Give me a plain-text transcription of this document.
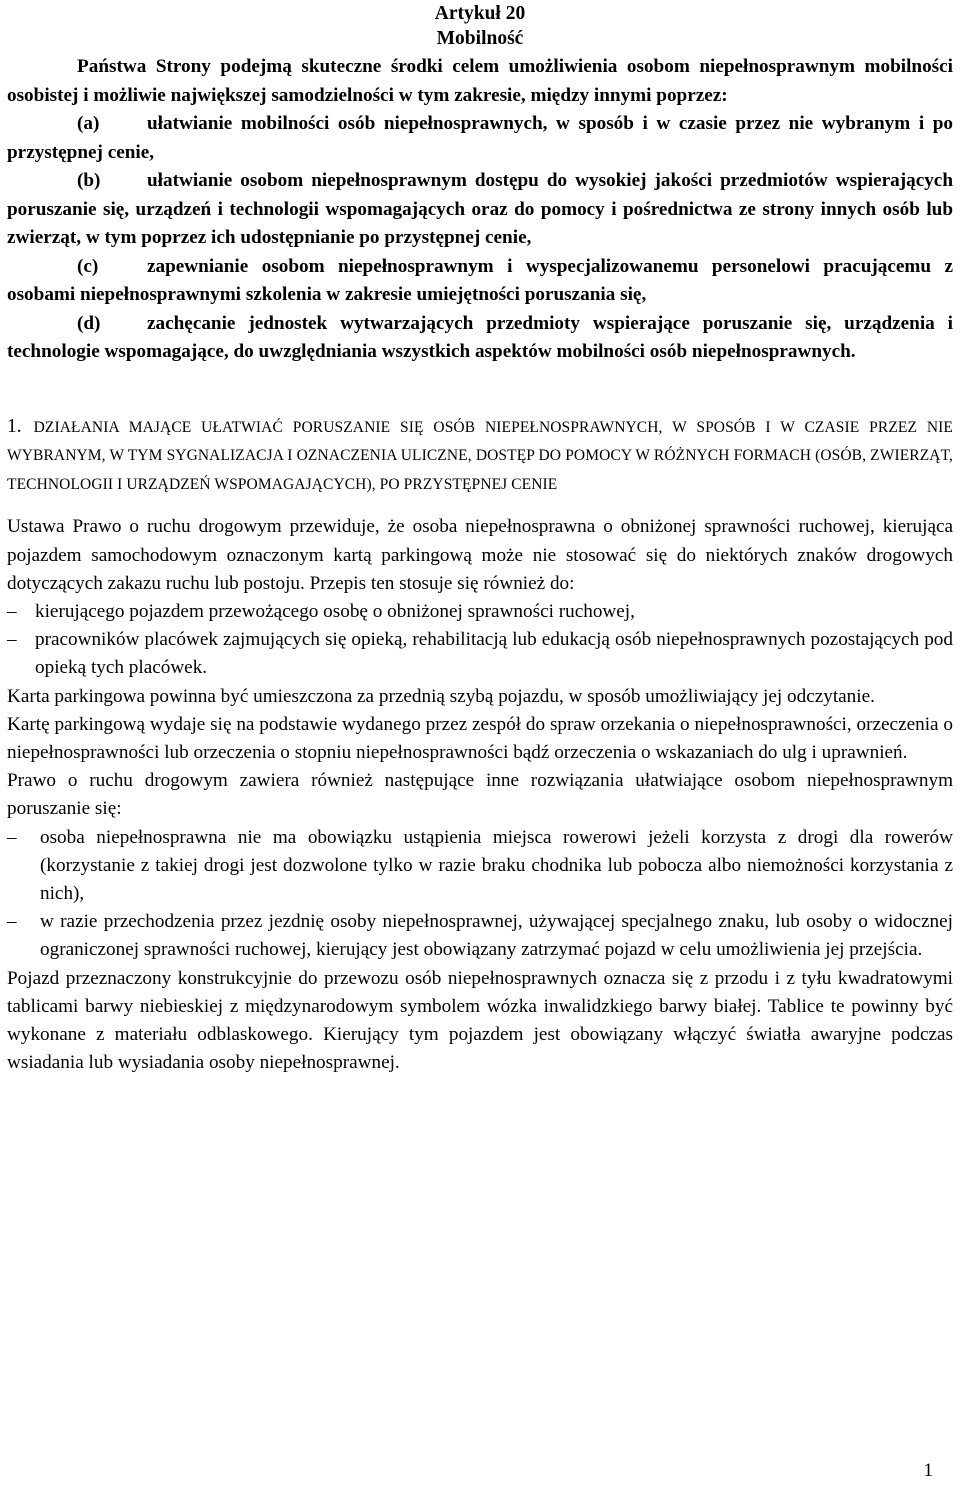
Artykuł 20
Mobilność

Państwa Strony podejmą skuteczne środki celem umożliwienia osobom niepełnosprawnym mobilności osobistej i możliwie największej samodzielności w tym zakresie, między innymi poprzez:

(a) ułatwianie mobilności osób niepełnosprawnych, w sposób i w czasie przez nie wybranym i po przystępnej cenie,

(b) ułatwianie osobom niepełnosprawnym dostępu do wysokiej jakości przedmiotów wspierających poruszanie się, urządzeń i technologii wspomagających oraz do pomocy i pośrednictwa ze strony innych osób lub zwierząt, w tym poprzez ich udostępnianie po przystępnej cenie,

(c)	zapewnianie osobom niepełnosprawnym i wyspecjalizowanemu personelowi pracującemu z osobami niepełnosprawnymi szkolenia w zakresie umiejętności poruszania się,

(d) zachęcanie jednostek wytwarzających przedmioty wspierające poruszanie się, urządzenia i technologie wspomagające, do uwzględniania wszystkich aspektów mobilności osób niepełnosprawnych.

1. DZIAŁANIA MAJĄCE UŁATWIAĆ PORUSZANIE SIĘ OSÓB NIEPEŁNOSPRAWNYCH, W SPOSÓB I W CZASIE PRZEZ NIE WYBRANYM, W TYM SYGNALIZACJA I OZNACZENIA ULICZNE, DOSTĘP DO POMOCY W RÓŻNYCH FORMACH (OSÓB, ZWIERZĄT, TECHNOLOGII I URZĄDZEŃ WSPOMAGAJĄCYCH), PO PRZYSTĘPNEJ CENIE

Ustawa Prawo o ruchu drogowym przewiduje, że osoba niepełnosprawna o obniżonej sprawności ruchowej, kierująca pojazdem samochodowym oznaczonym kartą parkingową może nie stosować się do niektórych znaków drogowych dotyczących zakazu ruchu lub postoju. Przepis ten stosuje się również do:

– kierującego pojazdem przewożącego osobę o obniżonej sprawności ruchowej,

– pracowników placówek zajmujących się opieką, rehabilitacją lub edukacją osób niepełnosprawnych pozostających pod opieką tych placówek.

Karta parkingowa powinna być umieszczona za przednią szybą pojazdu, w sposób umożliwiający jej odczytanie.

Kartę parkingową wydaje się na podstawie wydanego przez zespół do spraw orzekania o niepełnosprawności, orzeczenia o niepełnosprawności lub orzeczenia o stopniu niepełnosprawności bądź orzeczenia o wskazaniach do ulg i uprawnień.

Prawo o ruchu drogowym zawiera również następujące inne rozwiązania ułatwiające osobom niepełnosprawnym poruszanie się:

– osoba niepełnosprawna nie ma obowiązku ustąpienia miejsca rowerowi jeżeli korzysta z drogi dla rowerów (korzystanie z takiej drogi jest dozwolone tylko w razie braku chodnika lub pobocza albo niemożności korzystania z nich),

– w razie przechodzenia przez jezdnię osoby niepełnosprawnej, używającej specjalnego znaku, lub osoby o widocznej ograniczonej sprawności ruchowej, kierujący jest obowiązany zatrzymać pojazd w celu umożliwienia jej przejścia.

Pojazd przeznaczony konstrukcyjnie do przewozu osób niepełnosprawnych oznacza się z przodu i z tyłu kwadratowymi tablicami barwy niebieskiej z międzynarodowym symbolem wózka inwalidzkiego barwy białej. Tablice te powinny być wykonane z materiału odblaskowego. Kierujący tym pojazdem jest obowiązany włączyć światła awaryjne podczas wsiadania lub wysiadania osoby niepełnosprawnej.

1
